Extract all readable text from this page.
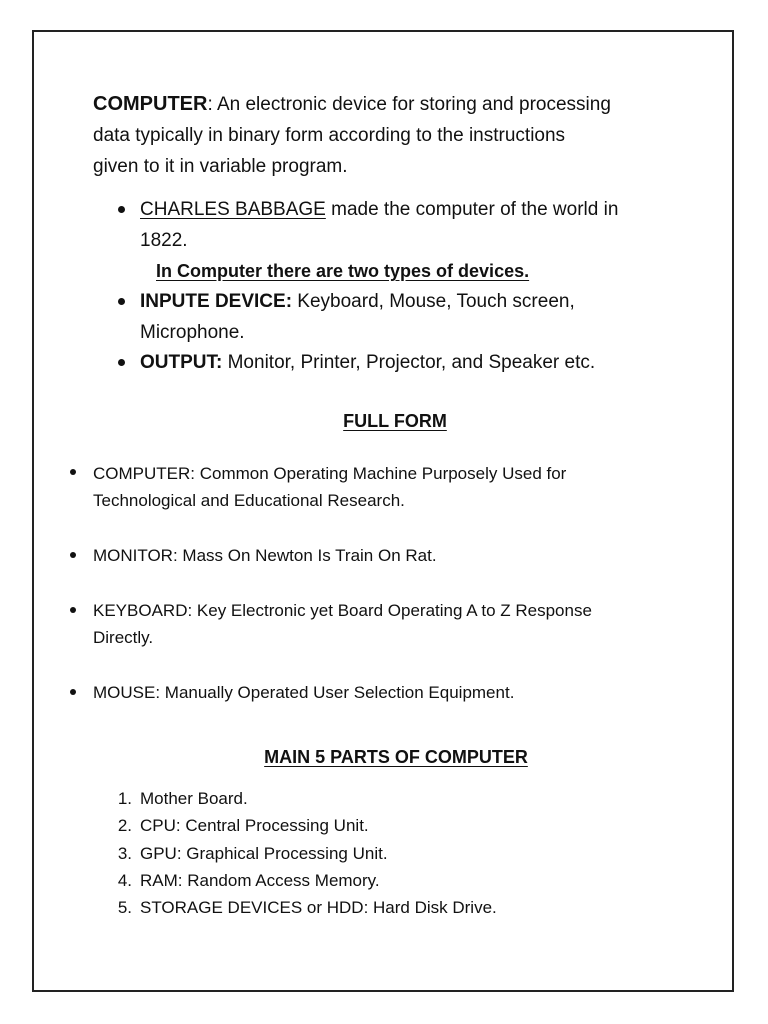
COMPUTER: An electronic device for storing and processing
data typically in binary form according to the instructions
given to it in variable program.
CHARLES BABBAGE made the computer of the world in
1822.
In Computer there are two types of devices.
INPUTE DEVICE: Keyboard, Mouse, Touch screen,
Microphone.
OUTPUT: Monitor, Printer, Projector, and Speaker etc.
FULL FORM
COMPUTER: Common Operating Machine Purposely Used for
Technological and Educational Research.
MONITOR: Mass On Newton Is Train On Rat.
KEYBOARD: Key Electronic yet Board Operating A to Z Response
Directly.
MOUSE: Manually Operated User Selection Equipment.
MAIN 5 PARTS OF COMPUTER
1. Mother Board.
2. CPU: Central Processing Unit.
3. GPU: Graphical Processing Unit.
4. RAM: Random Access Memory.
5. STORAGE DEVICES or HDD: Hard Disk Drive.
